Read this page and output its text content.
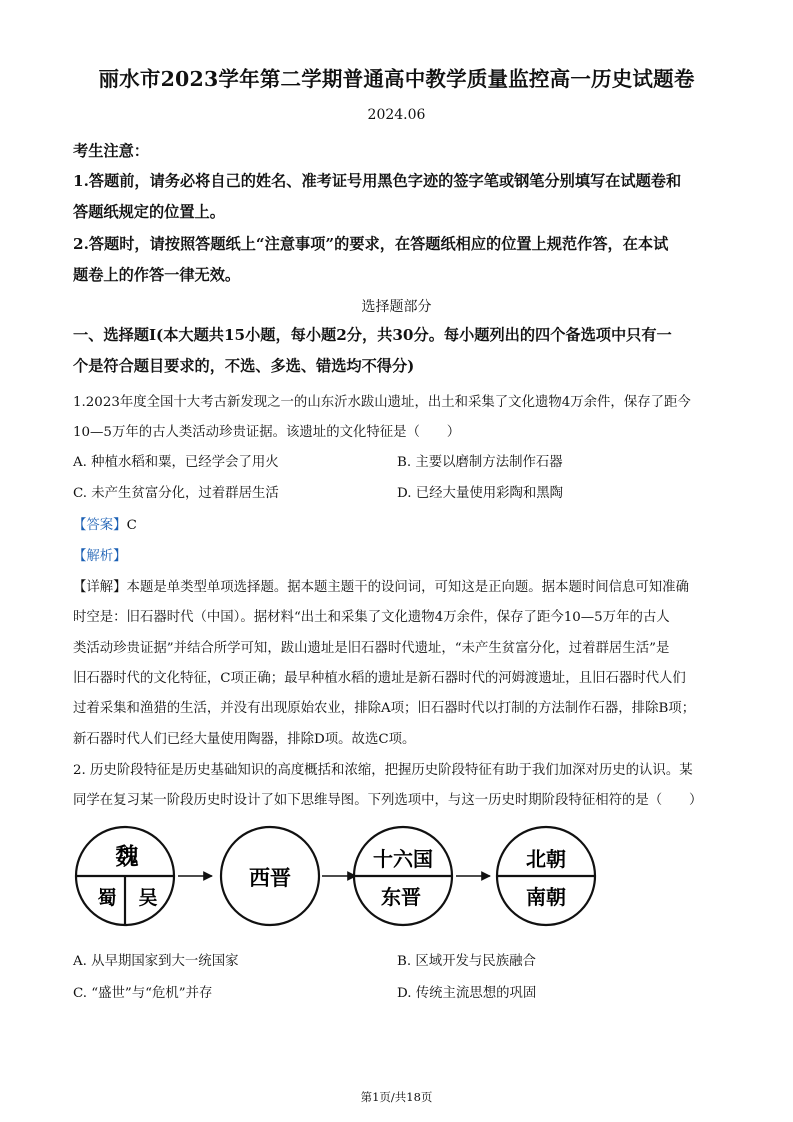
丽水市2023学年第二学期普通高中教学质量监控高一历史试题卷
2024.06
考生注意：
1.答题前，请务必将自己的姓名、准考证号用黑色字迹的签字笔或钢笔分别填写在试题卷和
答题纸规定的位置上。
2.答题时，请按照答题纸上“注意事项”的要求，在答题纸相应的位置上规范作答，在本试
题卷上的作答一律无效。
选择题部分
一、选择题Ⅰ(本大题共15小题，每小题2分，共30分。每小题列出的四个备选项中只有一
个是符合题目要求的，不选、多选、错选均不得分)
1.2023年度全国十大考古新发现之一的山东沂水跋山遗址，出土和采集了文化遗物4万余件，保存了距今
10—5万年的古人类活动珍贵证据。该遗址的文化特征是（　　）
A. 种植水稻和粟，已经学会了用火	B. 主要以磨制方法制作石器
C. 未产生贫富分化，过着群居生活	D. 已经大量使用彩陶和黑陶
【答案】C
【解析】
【详解】本题是单类型单项选择题。据本题主题干的设问词，可知这是正向题。据本题时间信息可知准确
时空是：旧石器时代（中国）。据材料“出土和采集了文化遗物4万余件，保存了距今10—5万年的古人
类活动珍贵证据”并结合所学可知，跋山遗址是旧石器时代遗址，“未产生贫富分化，过着群居生活”是
旧石器时代的文化特征，C项正确；最早种植水稻的遗址是新石器时代的河姆渡遗址，且旧石器时代人们
过着采集和渔猎的生活，并没有出现原始农业，排除A项；旧石器时代以打制的方法制作石器，排除B项；
新石器时代人们已经大量使用陶器，排除D项。故选C项。
2. 历史阶段特征是历史基础知识的高度概括和浓缩，把握历史阶段特征有助于我们加深对历史的认识。某
同学在复习某一阶段历史时设计了如下思维导图。下列选项中，与这一历史时期阶段特征相符的是（　　）
魏
蜀 吴
西晋
十六国
东晋
北朝
南朝
A. 从早期国家到大一统国家	B. 区域开发与民族融合
C. “盛世”与“危机”并存	D. 传统主流思想的巩固
第1页/共18页
